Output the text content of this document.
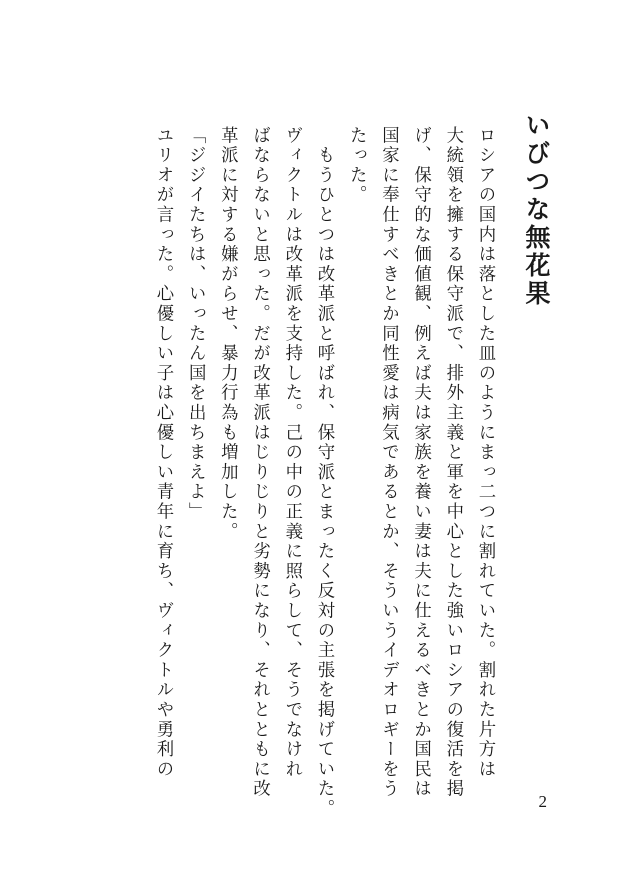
いびつな無花果
ロシアの国内は落とした皿のようにまっ二つに割れていた。割れた片方は
大統領を擁する保守派で、排外主義と軍を中心とした強いロシアの復活を掲
げ、保守的な価値観、例えば夫は家族を養い妻は夫に仕えるべきとか国民は
国家に奉仕すべきとか同性愛は病気であるとか、そういうイデオロギーをう
たった。
　もうひとつは改革派と呼ばれ、保守派とまったく反対の主張を掲げていた。
ヴィクトルは改革派を支持した。己の中の正義に照らして、そうでなけれ
ばならないと思った。だが改革派はじりじりと劣勢になり、それとともに改
革派に対する嫌がらせ、暴力行為も増加した。
「ジジイたちは、いったん国を出ちまえよ」
ユリオが言った。心優しい子は心優しい青年に育ち、ヴィクトルや勇利の
2
